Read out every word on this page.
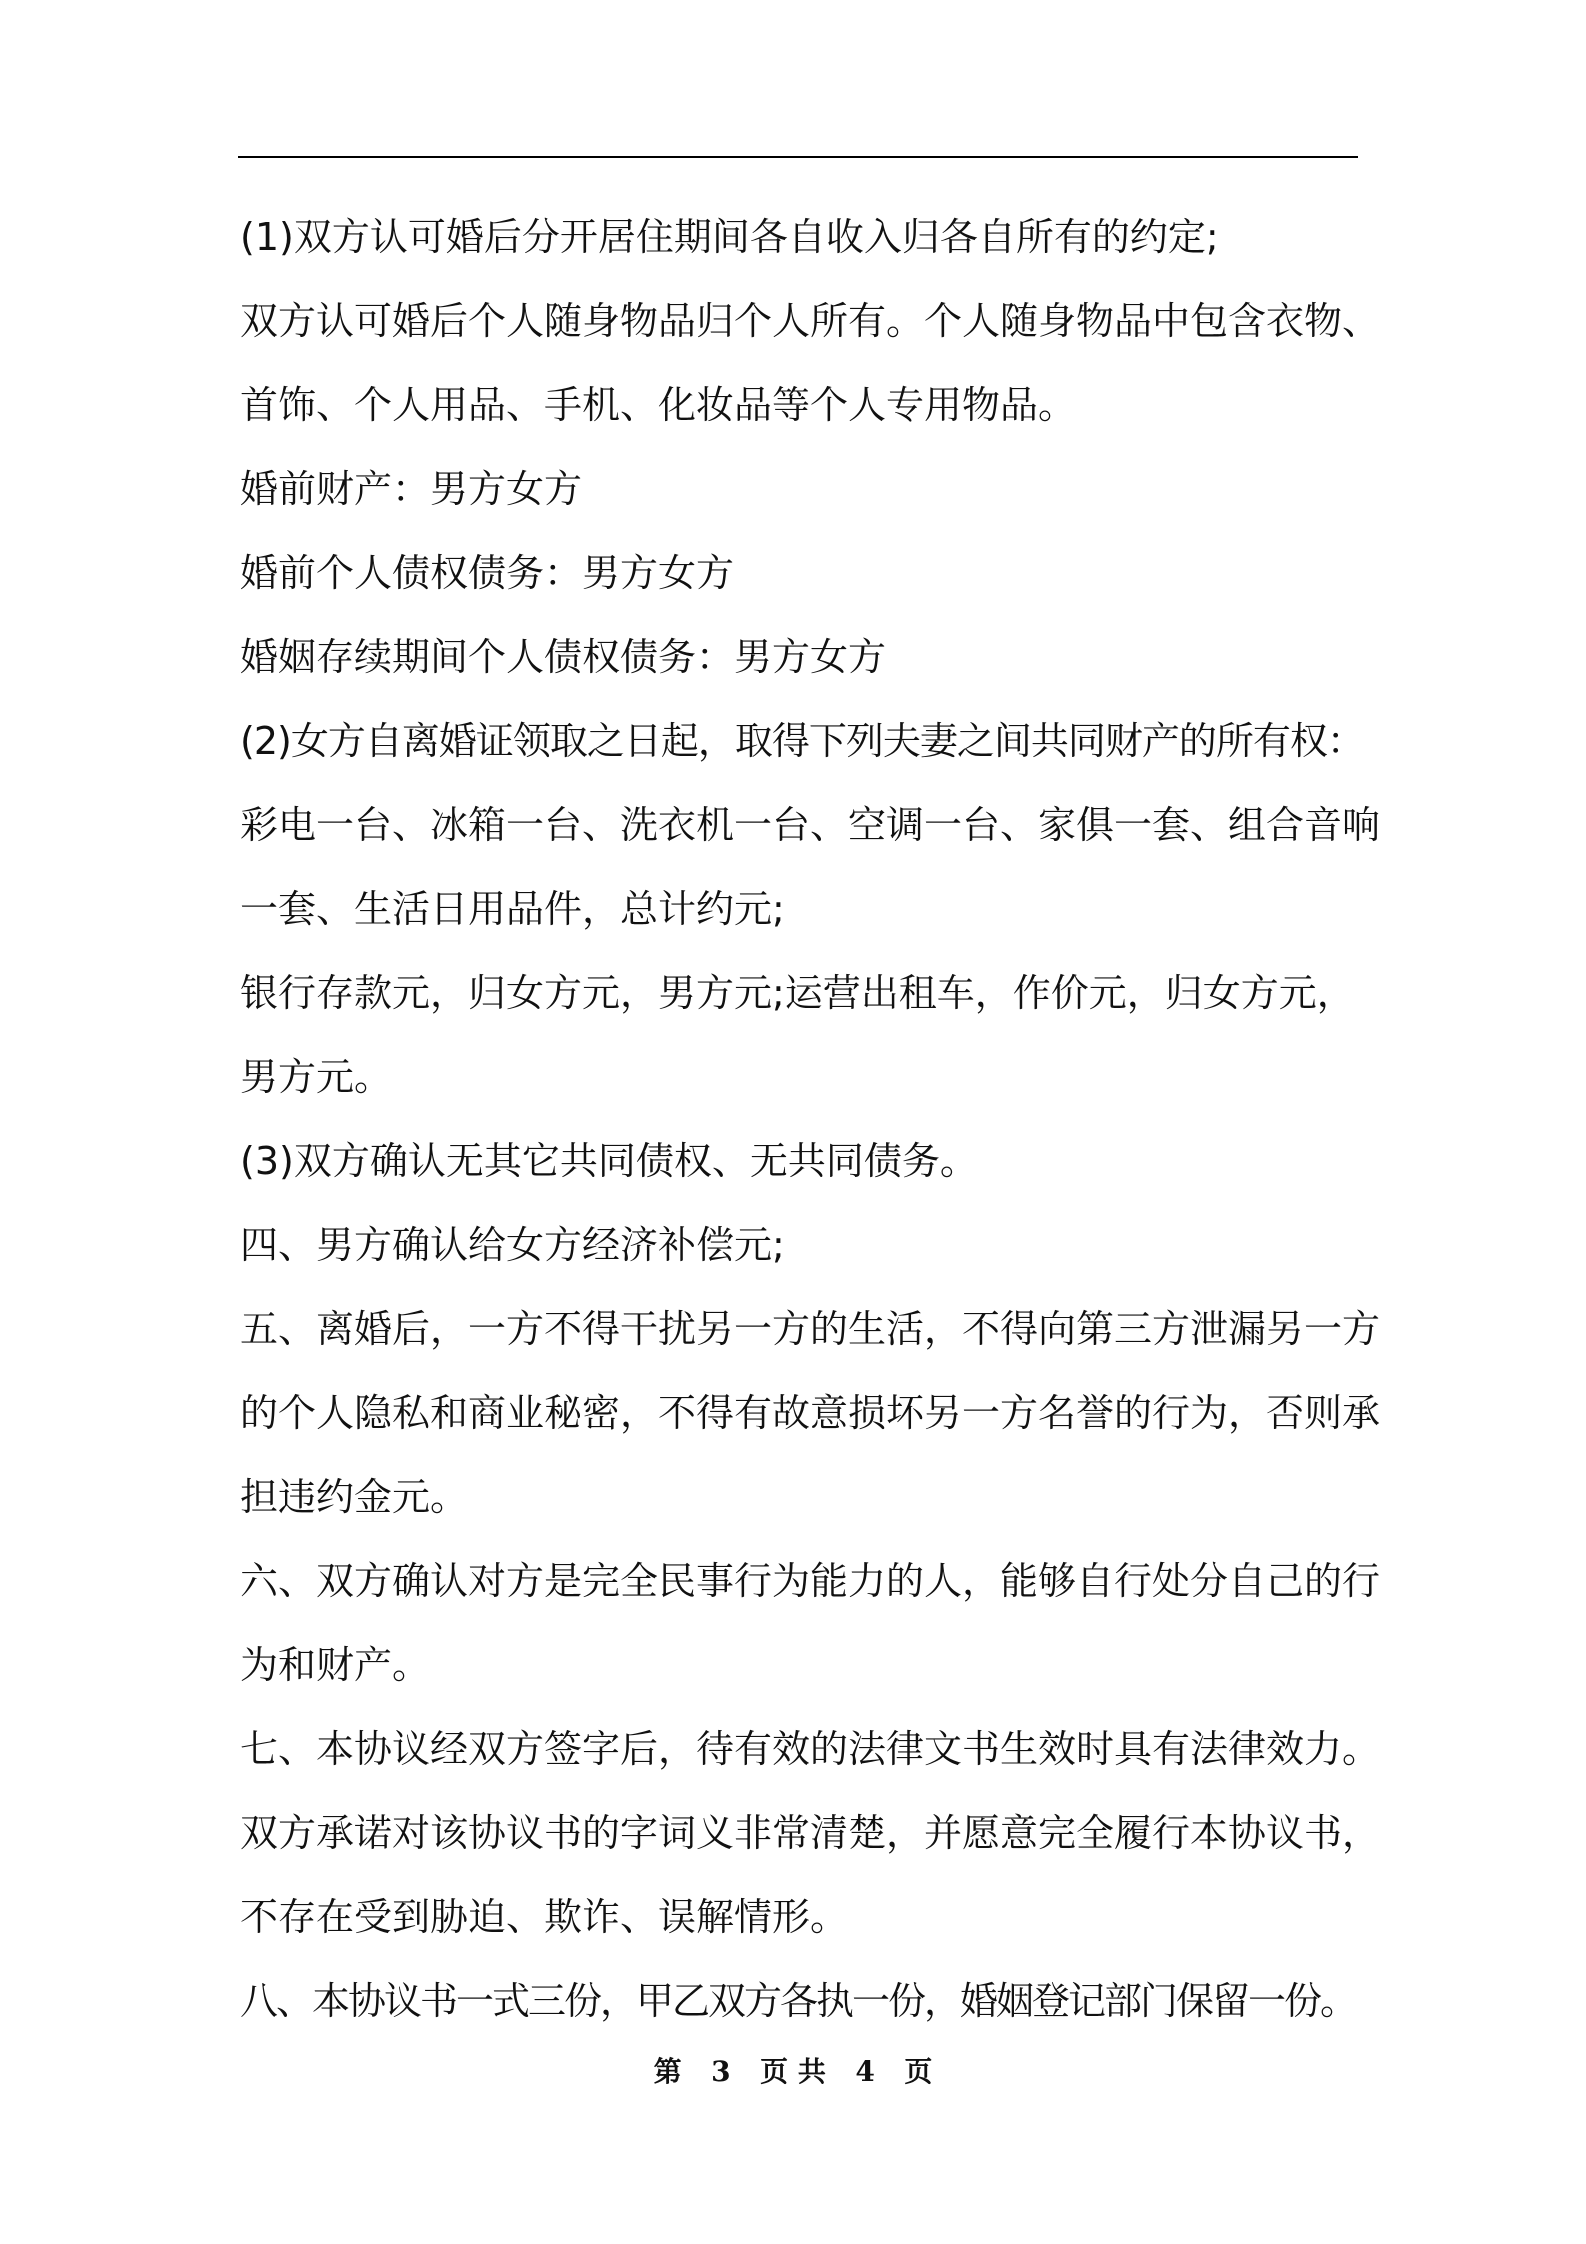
(1)双方认可婚后分开居住期间各自收入归各自所有的约定;
双方认可婚后个人随身物品归个人所有。个人随身物品中包含衣物、
首饰、个人用品、手机、化妆品等个人专用物品。
婚前财产：男方女方
婚前个人债权债务：男方女方
婚姻存续期间个人债权债务：男方女方
(2)女方自离婚证领取之日起，取得下列夫妻之间共同财产的所有权：
彩电一台、冰箱一台、洗衣机一台、空调一台、家俱一套、组合音响
一套、生活日用品件，总计约元;
银行存款元，归女方元，男方元;运营出租车，作价元，归女方元，
男方元。
(3)双方确认无其它共同债权、无共同债务。
四、男方确认给女方经济补偿元;
五、离婚后，一方不得干扰另一方的生活，不得向第三方泄漏另一方
的个人隐私和商业秘密，不得有故意损坏另一方名誉的行为，否则承
担违约金元。
六、双方确认对方是完全民事行为能力的人，能够自行处分自己的行
为和财产。
七、本协议经双方签字后，待有效的法律文书生效时具有法律效力。
双方承诺对该协议书的字词义非常清楚，并愿意完全履行本协议书，
不存在受到胁迫、欺诈、误解情形。
八、本协议书一式三份，甲乙双方各执一份，婚姻登记部门保留一份。
第 3 页 共 4 页
